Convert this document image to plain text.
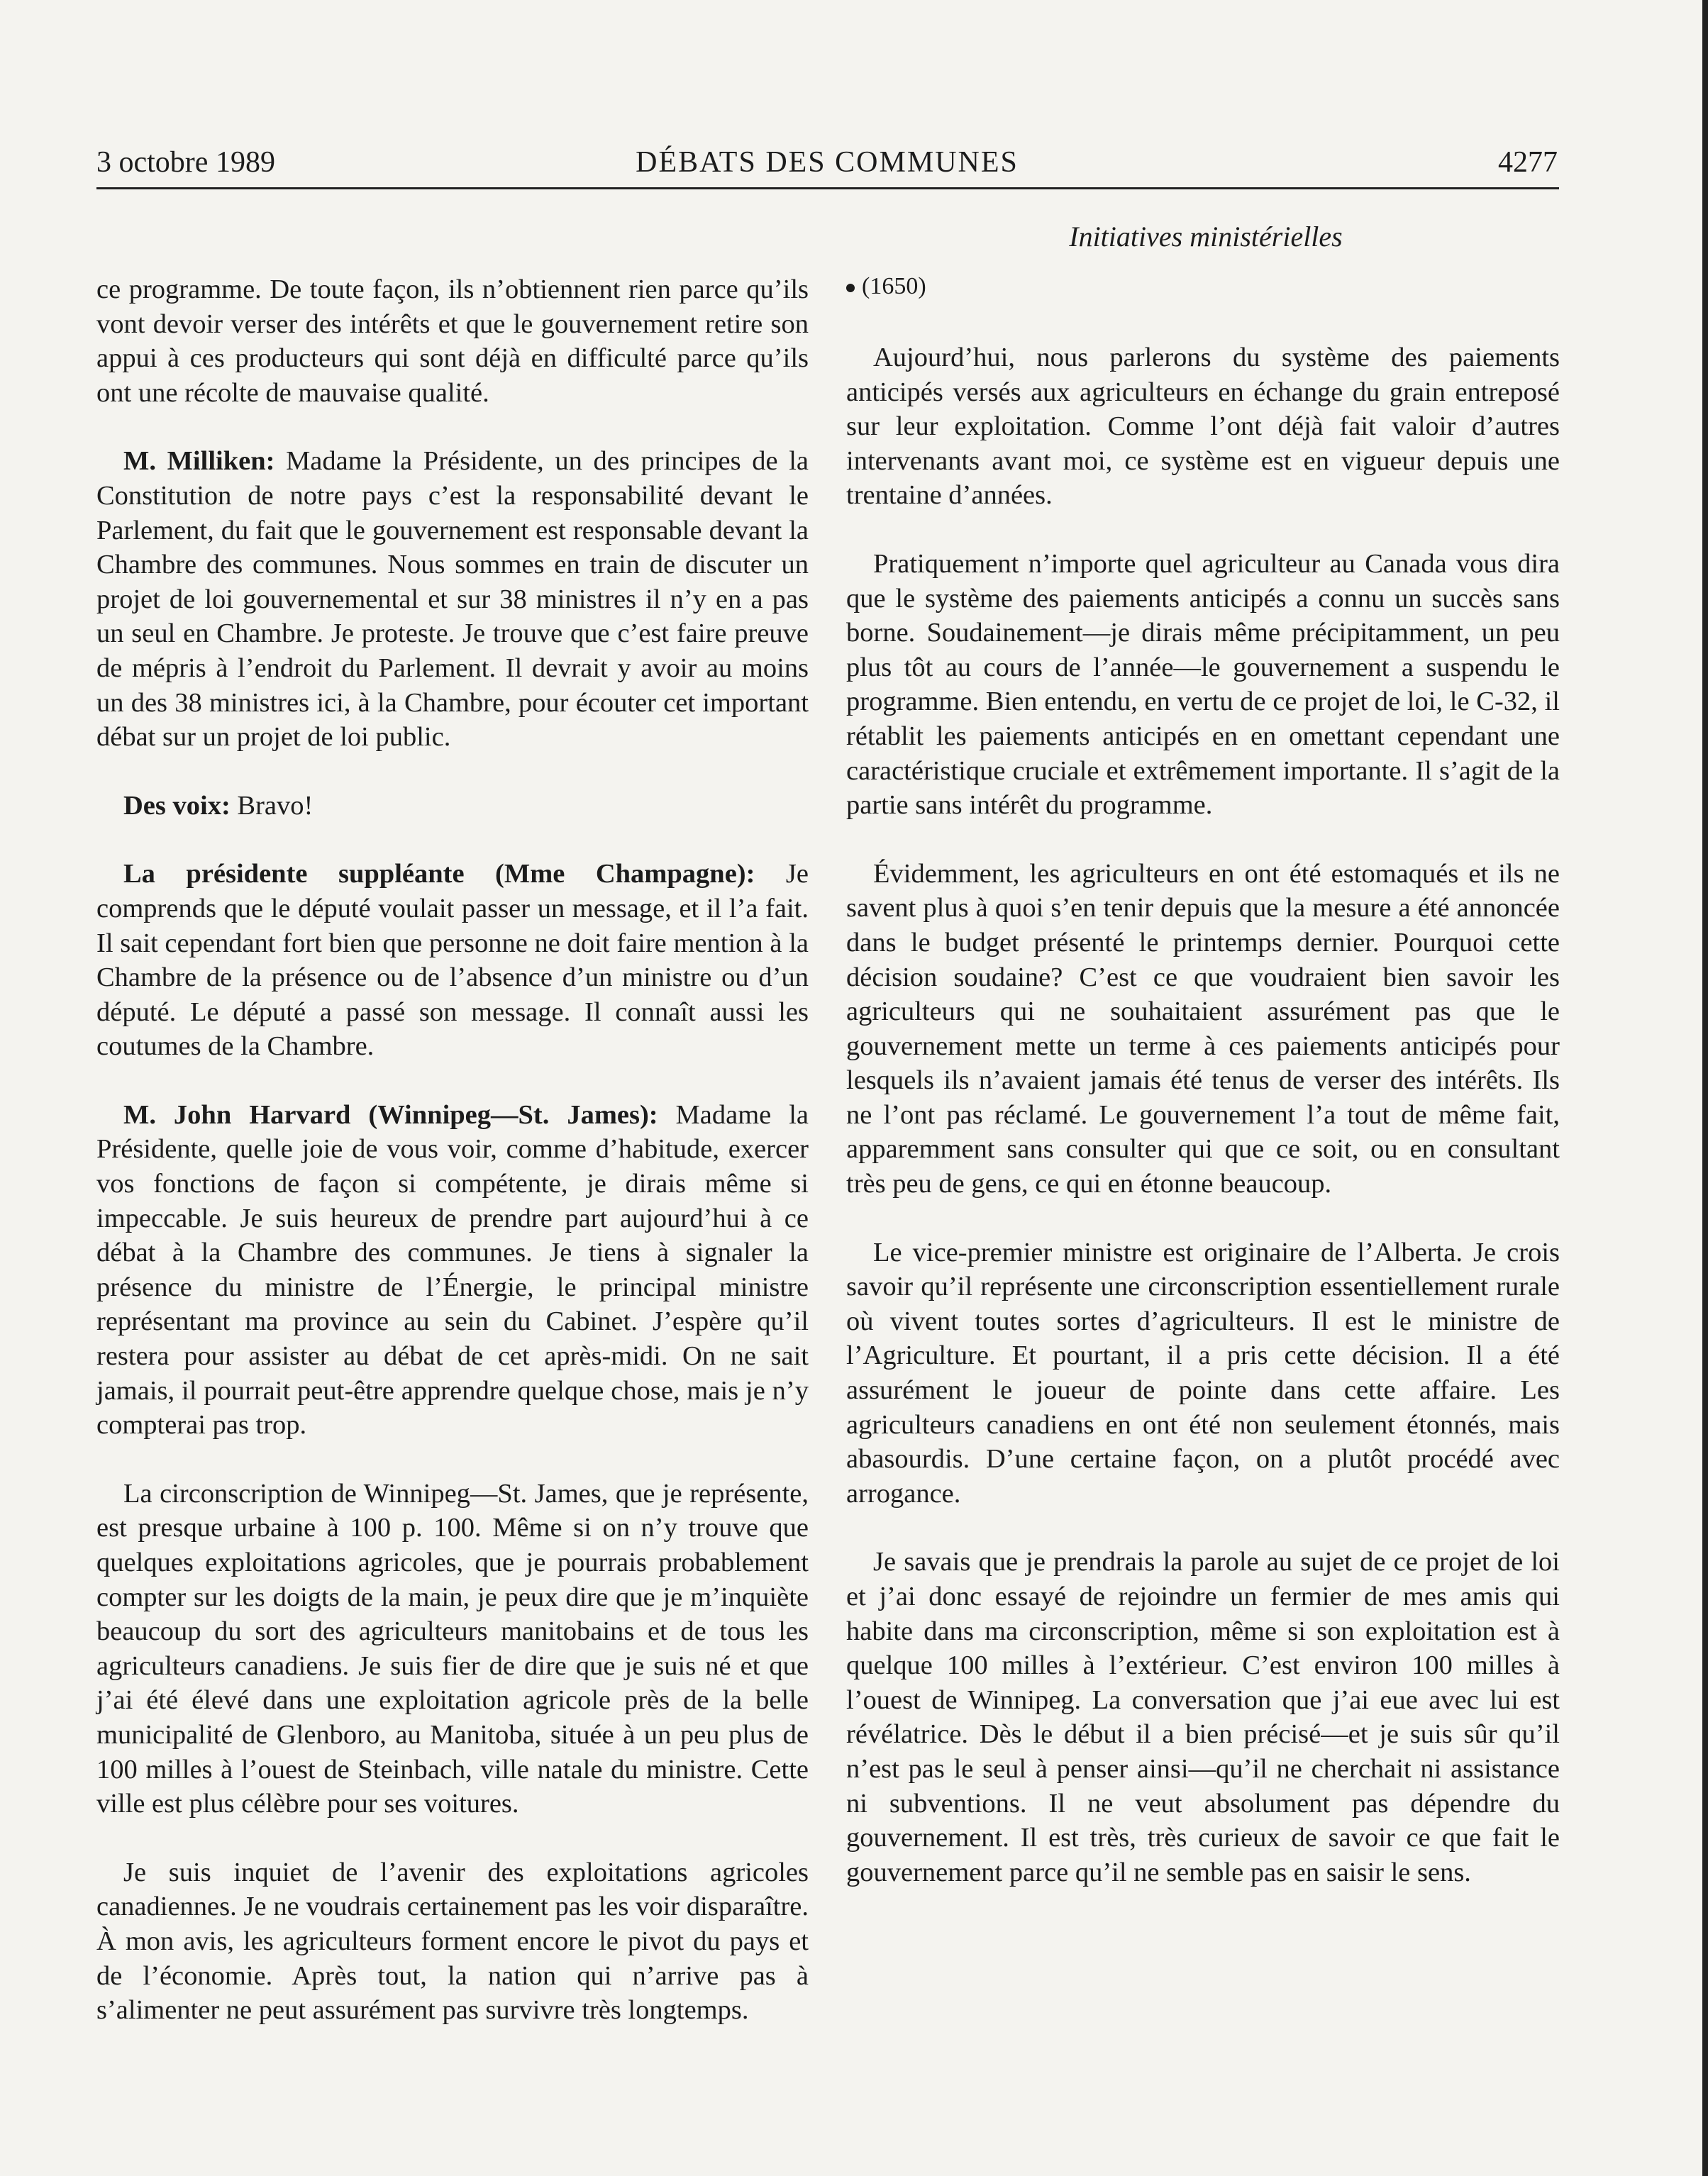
3 octobre 1989	DÉBATS DES COMMUNES	4277
Initiatives ministérielles

ce programme. De toute façon, ils n’obtiennent rien parce qu’ils vont devoir verser des intérêts et que le gouvernement retire son appui à ces producteurs qui sont déjà en difficulté parce qu’ils ont une récolte de mauvaise qualité.

M. Milliken: Madame la Présidente, un des principes de la Constitution de notre pays c’est la responsabilité devant le Parlement, du fait que le gouvernement est responsable devant la Chambre des communes. Nous sommes en train de discuter un projet de loi gouvernemental et sur 38 ministres il n’y en a pas un seul en Chambre. Je proteste. Je trouve que c’est faire preuve de mépris à l’endroit du Parlement. Il devrait y avoir au moins un des 38 ministres ici, à la Chambre, pour écouter cet important débat sur un projet de loi public.

Des voix: Bravo!

La présidente suppléante (Mme Champagne): Je comprends que le député voulait passer un message, et il l’a fait. Il sait cependant fort bien que personne ne doit faire mention à la Chambre de la présence ou de l’absence d’un ministre ou d’un député. Le député a passé son message. Il connaît aussi les coutumes de la Chambre.

M. John Harvard (Winnipeg—St. James): Madame la Présidente, quelle joie de vous voir, comme d’habitude, exercer vos fonctions de façon si compétente, je dirais même si impeccable. Je suis heureux de prendre part aujourd’hui à ce débat à la Chambre des communes. Je tiens à signaler la présence du ministre de l’Énergie, le principal ministre représentant ma province au sein du Cabinet. J’espère qu’il restera pour assister au débat de cet après-midi. On ne sait jamais, il pourrait peut-être apprendre quelque chose, mais je n’y compterai pas trop.

La circonscription de Winnipeg—St. James, que je représente, est presque urbaine à 100 p. 100. Même si on n’y trouve que quelques exploitations agricoles, que je pourrais probablement compter sur les doigts de la main, je peux dire que je m’inquiète beaucoup du sort des agriculteurs manitobains et de tous les agriculteurs canadiens. Je suis fier de dire que je suis né et que j’ai été élevé dans une exploitation agricole près de la belle municipalité de Glenboro, au Manitoba, située à un peu plus de 100 milles à l’ouest de Steinbach, ville natale du ministre. Cette ville est plus célèbre pour ses voitures.

Je suis inquiet de l’avenir des exploitations agricoles canadiennes. Je ne voudrais certainement pas les voir disparaître. À mon avis, les agriculteurs forment encore le pivot du pays et de l’économie. Après tout, la nation qui n’arrive pas à s’alimenter ne peut assurément pas survivre très longtemps.

(1650)

Aujourd’hui, nous parlerons du système des paiements anticipés versés aux agriculteurs en échange du grain entreposé sur leur exploitation. Comme l’ont déjà fait valoir d’autres intervenants avant moi, ce système est en vigueur depuis une trentaine d’années.

Pratiquement n’importe quel agriculteur au Canada vous dira que le système des paiements anticipés a connu un succès sans borne. Soudainement—je dirais même précipitamment, un peu plus tôt au cours de l’année—le gouvernement a suspendu le programme. Bien entendu, en vertu de ce projet de loi, le C-32, il rétablit les paiements anticipés en en omettant cependant une caractéristique cruciale et extrêmement importante. Il s’agit de la partie sans intérêt du programme.

Évidemment, les agriculteurs en ont été estomaqués et ils ne savent plus à quoi s’en tenir depuis que la mesure a été annoncée dans le budget présenté le printemps dernier. Pourquoi cette décision soudaine? C’est ce que voudraient bien savoir les agriculteurs qui ne souhaitaient assurément pas que le gouvernement mette un terme à ces paiements anticipés pour lesquels ils n’avaient jamais été tenus de verser des intérêts. Ils ne l’ont pas réclamé. Le gouvernement l’a tout de même fait, apparemment sans consulter qui que ce soit, ou en consultant très peu de gens, ce qui en étonne beaucoup.

Le vice-premier ministre est originaire de l’Alberta. Je crois savoir qu’il représente une circonscription essentiellement rurale où vivent toutes sortes d’agriculteurs. Il est le ministre de l’Agriculture. Et pourtant, il a pris cette décision. Il a été assurément le joueur de pointe dans cette affaire. Les agriculteurs canadiens en ont été non seulement étonnés, mais abasourdis. D’une certaine façon, on a plutôt procédé avec arrogance.

Je savais que je prendrais la parole au sujet de ce projet de loi et j’ai donc essayé de rejoindre un fermier de mes amis qui habite dans ma circonscription, même si son exploitation est à quelque 100 milles à l’extérieur. C’est environ 100 milles à l’ouest de Winnipeg. La conversation que j’ai eue avec lui est révélatrice. Dès le début il a bien précisé—et je suis sûr qu’il n’est pas le seul à penser ainsi—qu’il ne cherchait ni assistance ni subventions. Il ne veut absolument pas dépendre du gouvernement. Il est très, très curieux de savoir ce que fait le gouvernement parce qu’il ne semble pas en saisir le sens.
